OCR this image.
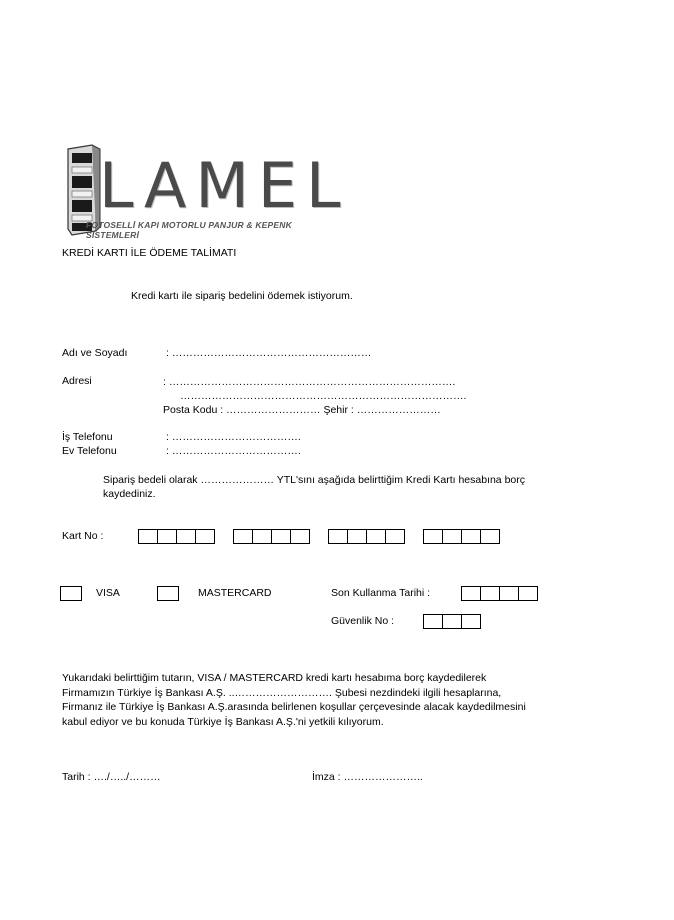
LAMEL
FOTOSELLİ KAPI MOTORLU PANJUR & KEPENK SİSTEMLERİ
KREDİ KARTI İLE ÖDEME TALİMATI
Kredi kartı ile sipariş bedelini ödemek istiyorum.
Adı ve Soyadı	: …………………………………………………
Adresi	: ……………………………………………………………………….
……………………………………………………………………….
Posta Kodu : ……………………… Şehir : ……………………
İş Telefonu	: ……………………………….
Ev Telefonu	: ……………………………….
Sipariş bedeli olarak ………………… YTL'sını aşağıda belirttiğim Kredi Kartı hesabına borç
kaydediniz.
Kart No :
VISA	MASTERCARD	Son Kullanma Tarihi :
Güvenlik No :
Yukarıdaki belirttiğim tutarın, VISA / MASTERCARD kredi kartı hesabıma borç kaydedilerek
Firmamızın Türkiye İş Bankası A.Ş. ..………………………. Şubesi nezdindeki ilgili hesaplarına,
Firmanız ile Türkiye İş Bankası A.Ş.arasında belirlenen koşullar çerçevesinde alacak kaydedilmesini
kabul ediyor ve bu konuda Türkiye İş Bankası A.Ş.'ni yetkili kılıyorum.
Tarih : …./…../………	İmza : …………………..
